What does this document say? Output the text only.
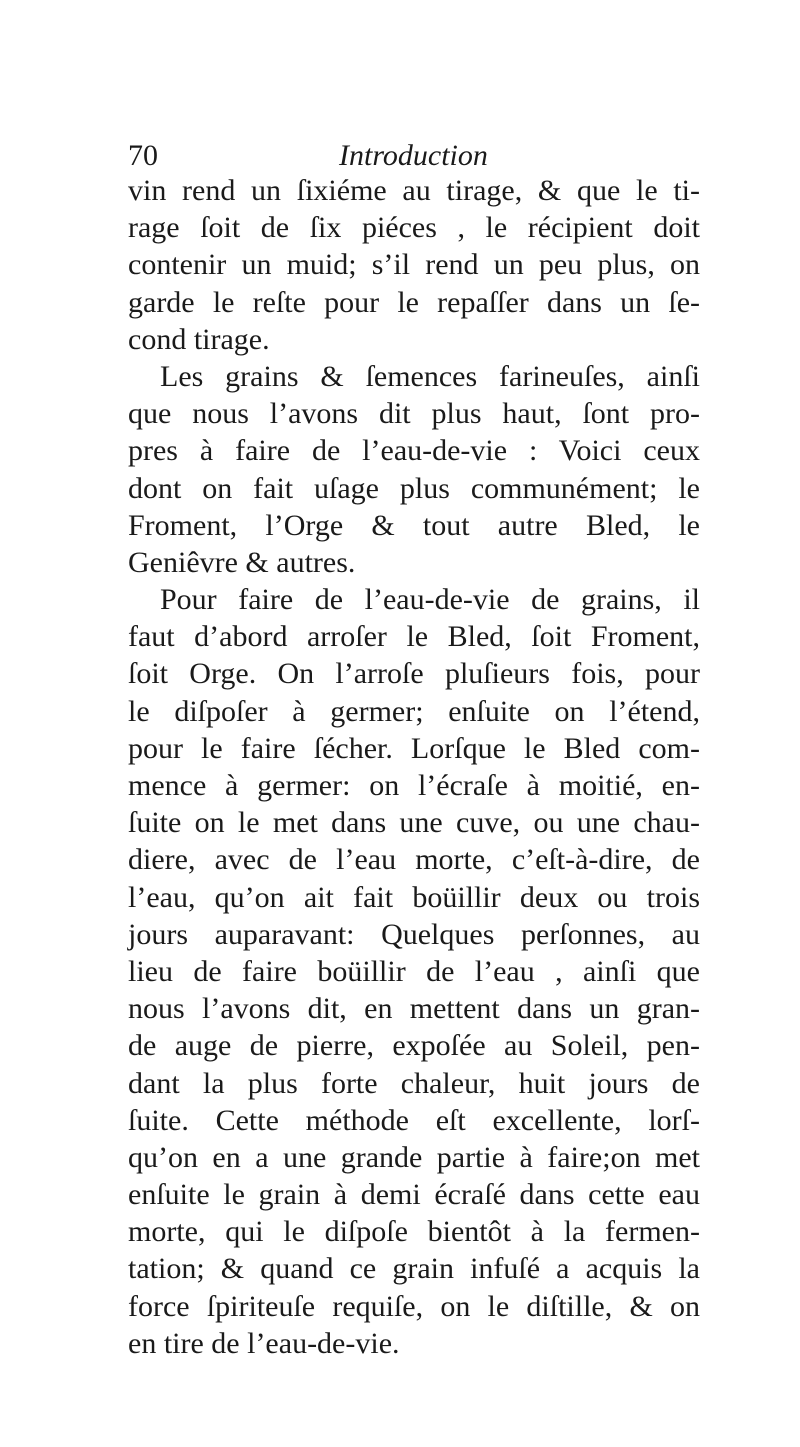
70	Introduction
vin rend un ſixiéme au tirage, & que le ti-
rage ſoit de ſix piéces , le récipient doit
contenir un muid; s’il rend un peu plus, on
garde le reſte pour le repaſſer dans un ſe-
cond tirage.
Les grains & ſemences farineuſes, ainſi
que nous l’avons dit plus haut, ſont pro-
pres à faire de l’eau-de-vie : Voici ceux
dont on fait uſage plus communément; le
Froment, l’Orge & tout autre Bled, le
Geniêvre & autres.
Pour faire de l’eau-de-vie de grains, il
faut d’abord arroſer le Bled, ſoit Froment,
ſoit Orge. On l’arroſe pluſieurs fois, pour
le diſpoſer à germer; enſuite on l’étend,
pour le faire ſécher. Lorſque le Bled com-
mence à germer: on l’écraſe à moitié, en-
ſuite on le met dans une cuve, ou une chau-
diere, avec de l’eau morte, c’eſt-à-dire, de
l’eau, qu’on ait fait boüillir deux ou trois
jours auparavant: Quelques perſonnes, au
lieu de faire boüillir de l’eau , ainſi que
nous l’avons dit, en mettent dans un gran-
de auge de pierre, expoſée au Soleil, pen-
dant la plus forte chaleur, huit jours de
ſuite. Cette méthode eſt excellente, lorſ-
qu’on en a une grande partie à faire;on met
enſuite le grain à demi écraſé dans cette eau
morte, qui le diſpoſe bientôt à la fermen-
tation; & quand ce grain infuſé a acquis la
force ſpiriteuſe requiſe, on le diſtille, & on
en tire de l’eau-de-vie.
